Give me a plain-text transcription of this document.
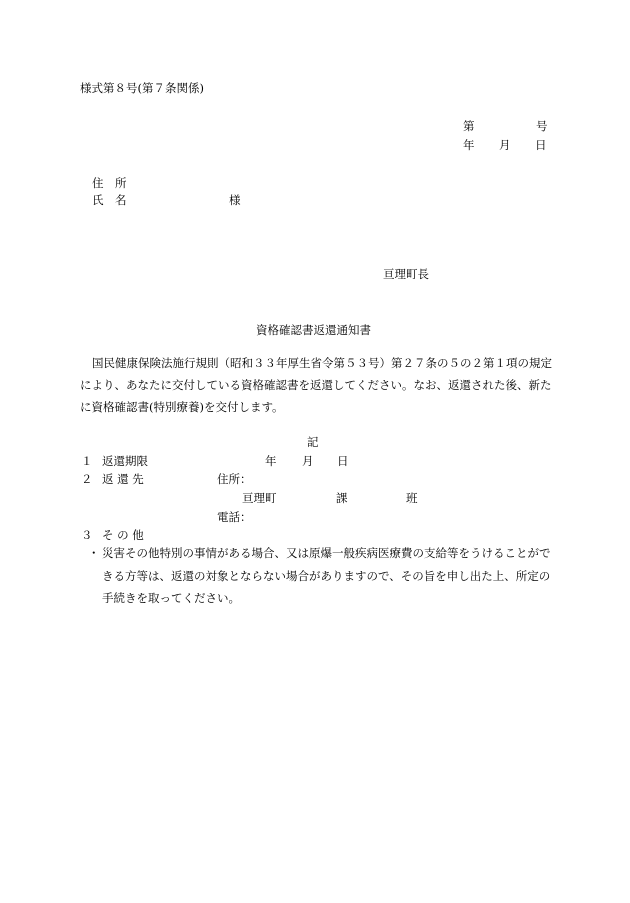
様式第８号(第７条関係)
第	号
年 月 日
住　所
氏　名	様
亘理町長
資格確認書返還通知書
国民健康保険法施行規則（昭和３３年厚生省令第５３号）第２７条の５の２第１項の規定により、あなたに交付している資格確認書を返還してください。なお、返還された後、新たに資格確認書(特別療養)を交付します。
記
１ 返還期限	年 月 日
２ 返 還 先	住所：
亘理町	課	班
電話：
３ そ の 他
・ 災害その他特別の事情がある場合、又は原爆一般疾病医療費の支給等をうけることができる方等は、返還の対象とならない場合がありますので、その旨を申し出た上、所定の手続きを取ってください。
